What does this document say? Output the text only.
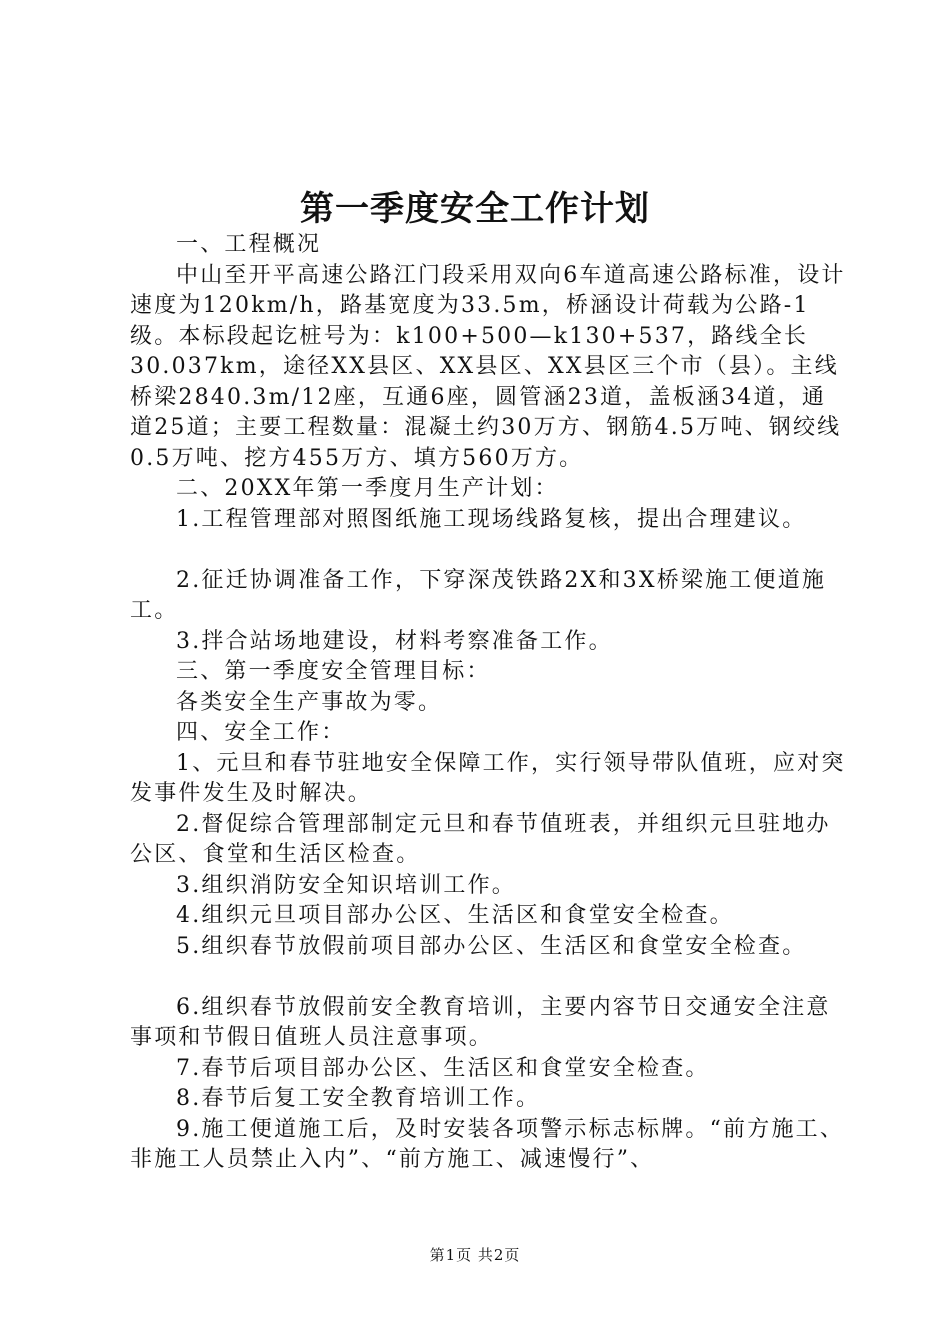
第一季度安全工作计划

一、工程概况

中山至开平高速公路江门段采用双向6车道高速公路标准，设计速度为120km/h，路基宽度为33.5m，桥涵设计荷载为公路-1级。本标段起讫桩号为：k100+500—k130+537，路线全长30.037km，途径XX县区、XX县区、XX县区三个市（县）。主线桥梁2840.3m/12座，互通6座，圆管涵23道，盖板涵34道，通道25道；主要工程数量：混凝土约30万方、钢筋4.5万吨、钢绞线0.5万吨、挖方455万方、填方560万方。

二、20XX年第一季度月生产计划：

1.工程管理部对照图纸施工现场线路复核，提出合理建议。

2.征迁协调准备工作，下穿深茂铁路2X和3X桥梁施工便道施工。

3.拌合站场地建设，材料考察准备工作。

三、第一季度安全管理目标：

各类安全生产事故为零。

四、安全工作：

1、元旦和春节驻地安全保障工作，实行领导带队值班，应对突发事件发生及时解决。

2.督促综合管理部制定元旦和春节值班表，并组织元旦驻地办公区、食堂和生活区检查。

3.组织消防安全知识培训工作。

4.组织元旦项目部办公区、生活区和食堂安全检查。

5.组织春节放假前项目部办公区、生活区和食堂安全检查。

6.组织春节放假前安全教育培训，主要内容节日交通安全注意事项和节假日值班人员注意事项。

7.春节后项目部办公区、生活区和食堂安全检查。

8.春节后复工安全教育培训工作。

9.施工便道施工后，及时安装各项警示标志标牌。“前方施工、非施工人员禁止入内”、“前方施工、减速慢行”、

第1页 共2页
